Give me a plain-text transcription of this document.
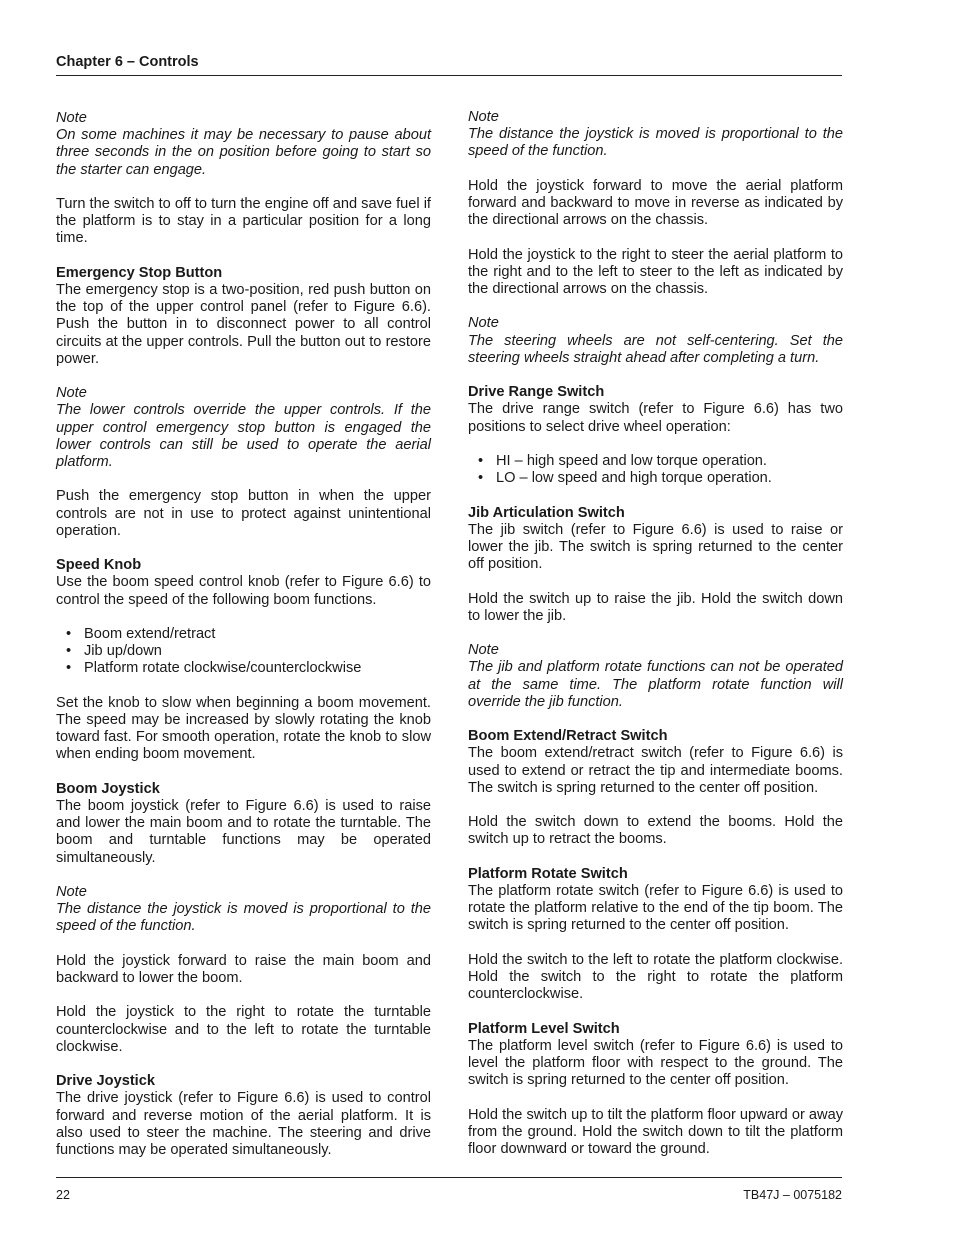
Chapter 6 – Controls

Note

On some machines it may be necessary to pause about three seconds in the on position before going to start so the starter can engage.

Turn the switch to off to turn the engine off and save fuel if the platform is to stay in a particular position for a long time.

Emergency Stop Button

The emergency stop is a two-position, red push button on the top of the upper control panel (refer to Figure 6.6). Push the button in to disconnect power to all control circuits at the upper controls. Pull the button out to restore power.

Note

The lower controls override the upper controls. If the upper control emergency stop button is engaged the lower controls can still be used to operate the aerial platform.

Push the emergency stop button in when the upper controls are not in use to protect against unintentional operation.

Speed Knob

Use the boom speed control knob (refer to Figure 6.6) to control the speed of the following boom functions.

• Boom extend/retract
• Jib up/down
• Platform rotate clockwise/counterclockwise

Set the knob to slow when beginning a boom movement. The speed may be increased by slowly rotating the knob toward fast. For smooth operation, rotate the knob to slow when ending boom movement.

Boom Joystick

The boom joystick (refer to Figure 6.6) is used to raise and lower the main boom and to rotate the turntable. The boom and turntable functions may be operated simultaneously.

Note

The distance the joystick is moved is proportional to the speed of the function.

Hold the joystick forward to raise the main boom and backward to lower the boom.

Hold the joystick to the right to rotate the turntable counterclockwise and to the left to rotate the turntable clockwise.

Drive Joystick

The drive joystick (refer to Figure 6.6) is used to control forward and reverse motion of the aerial platform. It is also used to steer the machine. The steering and drive functions may be operated simultaneously.

Note

The distance the joystick is moved is proportional to the speed of the function.

Hold the joystick forward to move the aerial platform forward and backward to move in reverse as indicated by the directional arrows on the chassis.

Hold the joystick to the right to steer the aerial platform to the right and to the left to steer to the left as indicated by the directional arrows on the chassis.

Note

The steering wheels are not self-centering. Set the steering wheels straight ahead after completing a turn.

Drive Range Switch

The drive range switch (refer to Figure 6.6) has two positions to select drive wheel operation:

• HI – high speed and low torque operation.
• LO – low speed and high torque operation.

Jib Articulation Switch

The jib switch (refer to Figure 6.6) is used to raise or lower the jib. The switch is spring returned to the center off position.

Hold the switch up to raise the jib. Hold the switch down to lower the jib.

Note

The jib and platform rotate functions can not be operated at the same time. The platform rotate function will override the jib function.

Boom Extend/Retract Switch

The boom extend/retract switch (refer to Figure 6.6) is used to extend or retract the tip and intermediate booms. The switch is spring returned to the center off position.

Hold the switch down to extend the booms. Hold the switch up to retract the booms.

Platform Rotate Switch

The platform rotate switch (refer to Figure 6.6) is used to rotate the platform relative to the end of the tip boom. The switch is spring returned to the center off position.

Hold the switch to the left to rotate the platform clockwise. Hold the switch to the right to rotate the platform counterclockwise.

Platform Level Switch

The platform level switch (refer to Figure 6.6) is used to level the platform floor with respect to the ground. The switch is spring returned to the center off position.

Hold the switch up to tilt the platform floor upward or away from the ground. Hold the switch down to tilt the platform floor downward or toward the ground.

22	TB47J – 0075182
